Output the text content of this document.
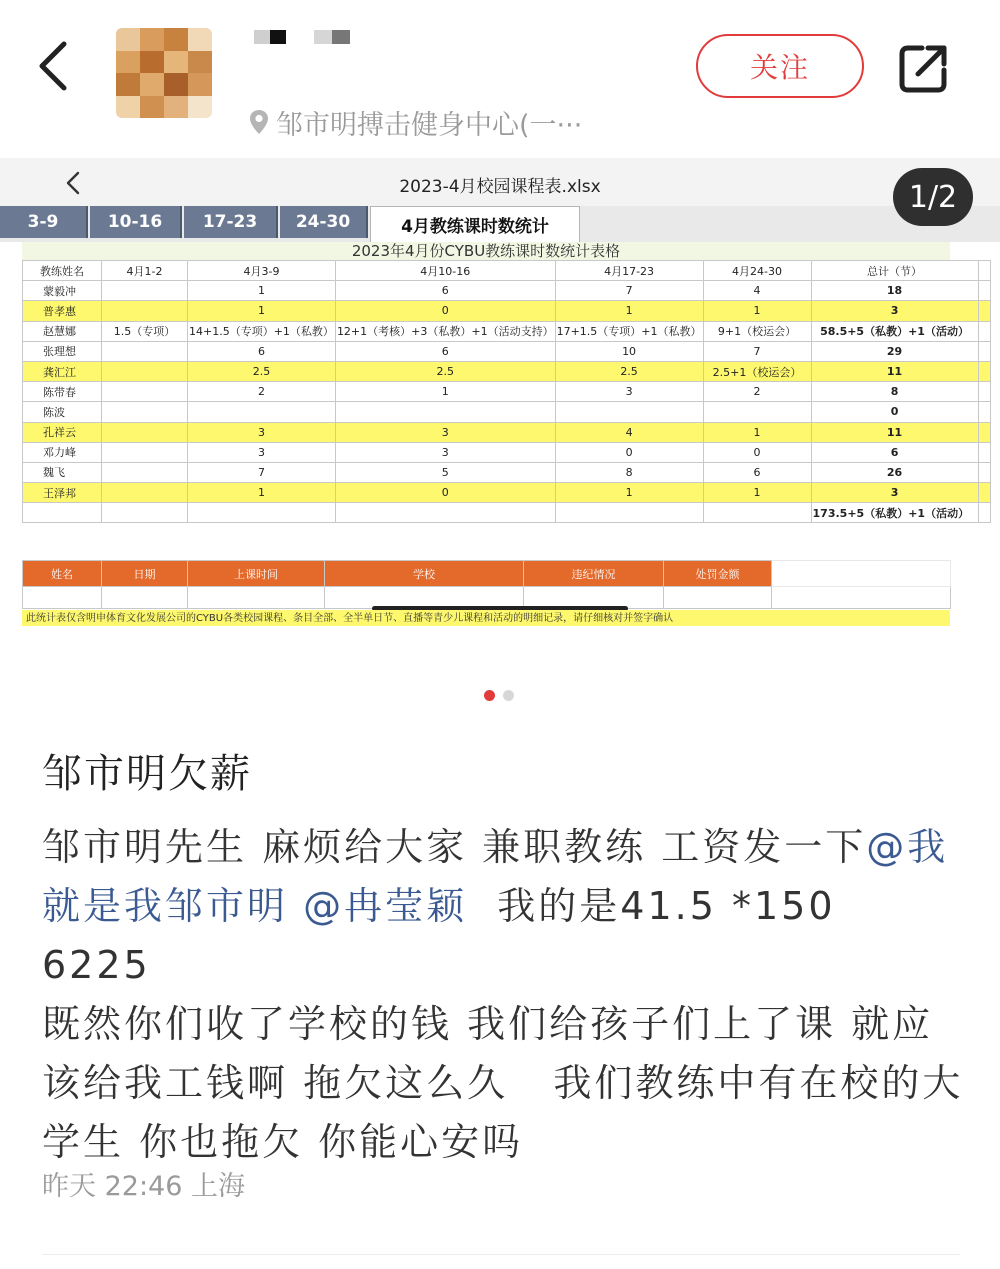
邹市明搏击健身中心(一···
关注
1/2
2023-4月校园课程表.xlsx
3-9	10-16	17-23	24-30	4月教练课时数统计
2023年4月份CYBU教练课时数统计表格
教练姓名	4月1-2	4月3-9	4月10-16	4月17-23	4月24-30	总计（节）	
蒙毅冲		1	6	7	4	18	
普孝惠		1	0	1	1	3	
赵慧娜	1.5（专项）	14+1.5（专项）+1（私教）	12+1（考核）+3（私教）+1（活动支持）	17+1.5（专项）+1（私教）	9+1（校运会）	58.5+5（私教）+1（活动）	
张理想		6	6	10	7	29	
龚汇江		2.5	2.5	2.5	2.5+1（校运会）	11	
陈带春		2	1	3	2	8	
陈波						0	
孔祥云		3	3	4	1	11	
邓力峰		3	3	0	0	6	
魏飞		7	5	8	6	26	
王泽邦		1	0	1	1	3	
						173.5+5（私教）+1（活动）	
姓名	日期	上课时间	学校	违纪情况	处罚金额	

此统计表仅含明申体育文化发展公司的CYBU各类校园课程、条目全部、全半单日节、直播等青少儿课程和活动的明细记录，请仔细核对并签字确认
邹市明欠薪
邹市明先生 麻烦给大家 兼职教练 工资发一下@我就是我邹市明 @冉莹颖  我的是41.5 *150    6225
既然你们收了学校的钱 我们给孩子们上了课 就应该给我工钱啊 拖欠这么久   我们教练中有在校的大学生 你也拖欠 你能心安吗
昨天 22:46 上海
